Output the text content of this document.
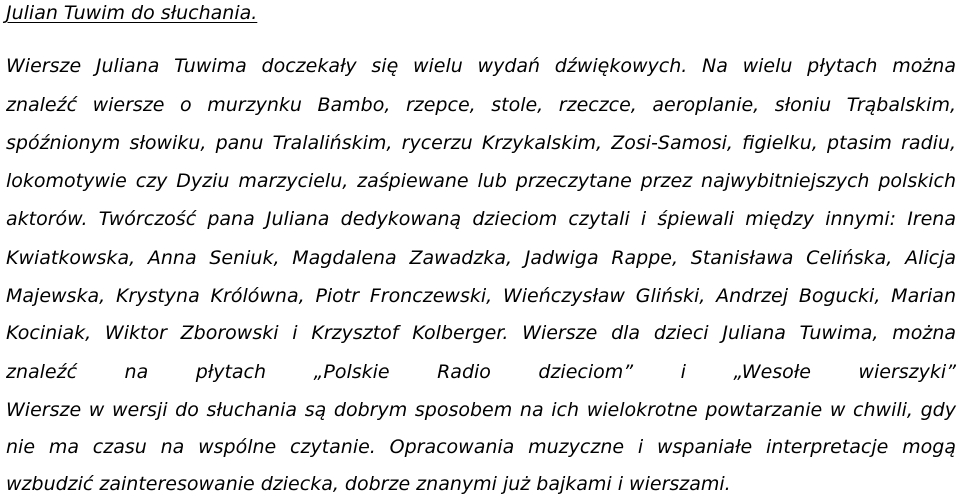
Julian Tuwim do słuchania.
Wiersze Juliana Tuwima doczekały się wielu wydań dźwiękowych. Na wielu płytach można
znaleźć wiersze o murzynku Bambo, rzepce, stole, rzeczce, aeroplanie, słoniu Trąbalskim,
spóźnionym słowiku, panu Tralalińskim, rycerzu Krzykalskim, Zosi-Samosi, figielku, ptasim radiu,
lokomotywie czy Dyziu marzycielu, zaśpiewane lub przeczytane przez najwybitniejszych polskich
aktorów. Twórczość pana Juliana dedykowaną dzieciom czytali i śpiewali między innymi: Irena
Kwiatkowska, Anna Seniuk, Magdalena Zawadzka, Jadwiga Rappe, Stanisława Celińska, Alicja
Majewska, Krystyna Królówna, Piotr Fronczewski, Wieńczysław Gliński, Andrzej Bogucki, Marian
Kociniak, Wiktor Zborowski i Krzysztof Kolberger. Wiersze dla dzieci Juliana Tuwima, można
znaleźć na płytach „Polskie Radio dzieciom” i „Wesołe wierszyki”
Wiersze w wersji do słuchania są dobrym sposobem na ich wielokrotne powtarzanie w chwili, gdy
nie ma czasu na wspólne czytanie. Opracowania muzyczne i wspaniałe interpretacje mogą
wzbudzić zainteresowanie dziecka, dobrze znanymi już bajkami i wierszami.
